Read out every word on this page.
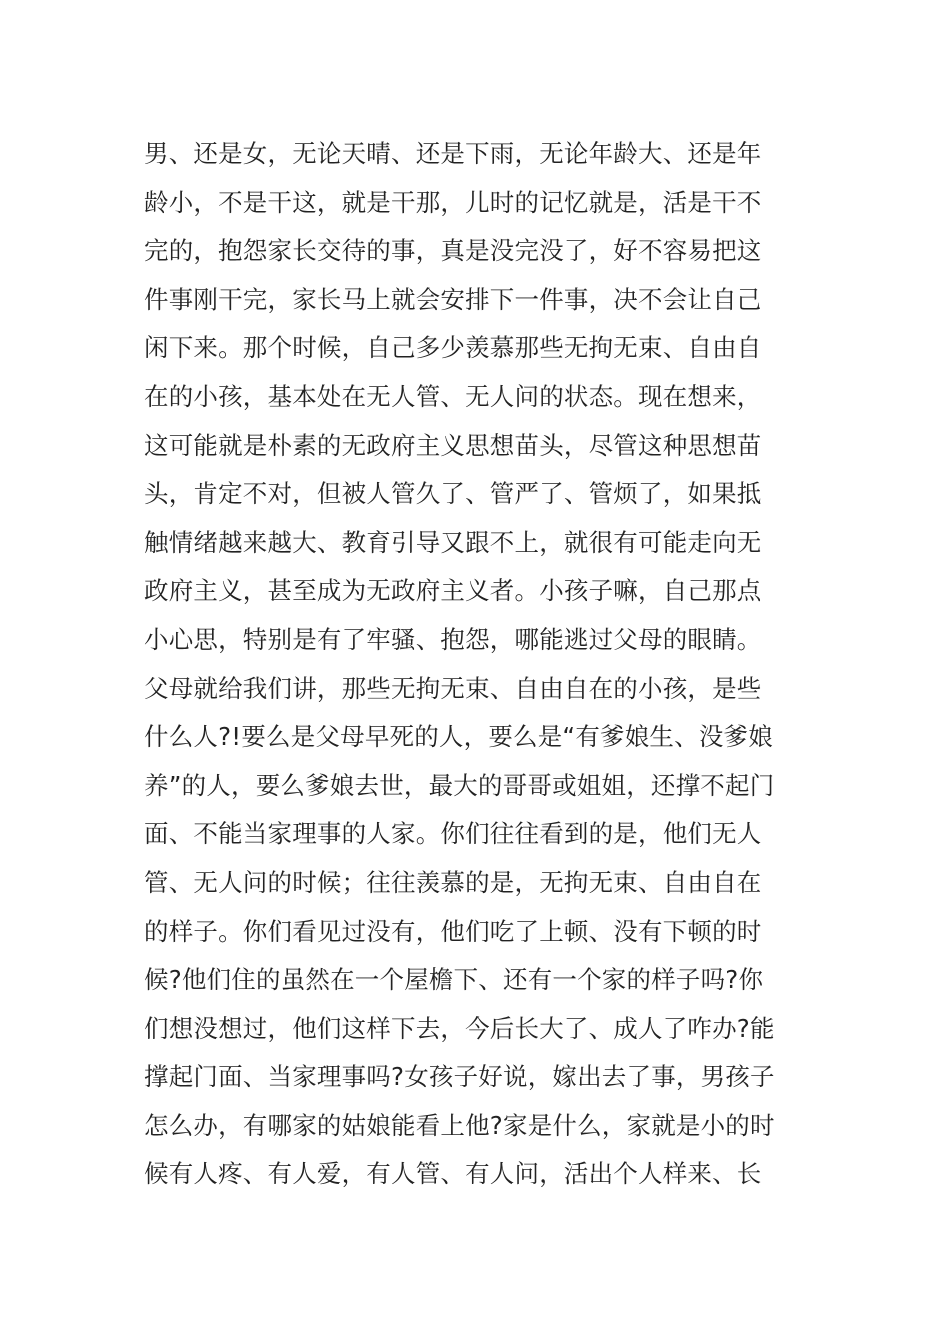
男、还是女，无论天晴、还是下雨，无论年龄大、还是年
龄小，不是干这，就是干那，儿时的记忆就是，活是干不
完的，抱怨家长交待的事，真是没完没了，好不容易把这
件事刚干完，家长马上就会安排下一件事，决不会让自己
闲下来。那个时候，自己多少羡慕那些无拘无束、自由自
在的小孩，基本处在无人管、无人问的状态。现在想来，
这可能就是朴素的无政府主义思想苗头，尽管这种思想苗
头，肯定不对，但被人管久了、管严了、管烦了，如果抵
触情绪越来越大、教育引导又跟不上，就很有可能走向无
政府主义，甚至成为无政府主义者。小孩子嘛，自己那点
小心思，特别是有了牢骚、抱怨，哪能逃过父母的眼睛。
父母就给我们讲，那些无拘无束、自由自在的小孩，是些
什么人?!要么是父母早死的人，要么是“有爹娘生、没爹娘
养”的人，要么爹娘去世，最大的哥哥或姐姐，还撑不起门
面、不能当家理事的人家。你们往往看到的是，他们无人
管、无人问的时候；往往羡慕的是，无拘无束、自由自在
的样子。你们看见过没有，他们吃了上顿、没有下顿的时
候?他们住的虽然在一个屋檐下、还有一个家的样子吗?你
们想没想过，他们这样下去，今后长大了、成人了咋办?能
撑起门面、当家理事吗?女孩子好说，嫁出去了事，男孩子
怎么办，有哪家的姑娘能看上他?家是什么，家就是小的时
候有人疼、有人爱，有人管、有人问，活出个人样来、长
